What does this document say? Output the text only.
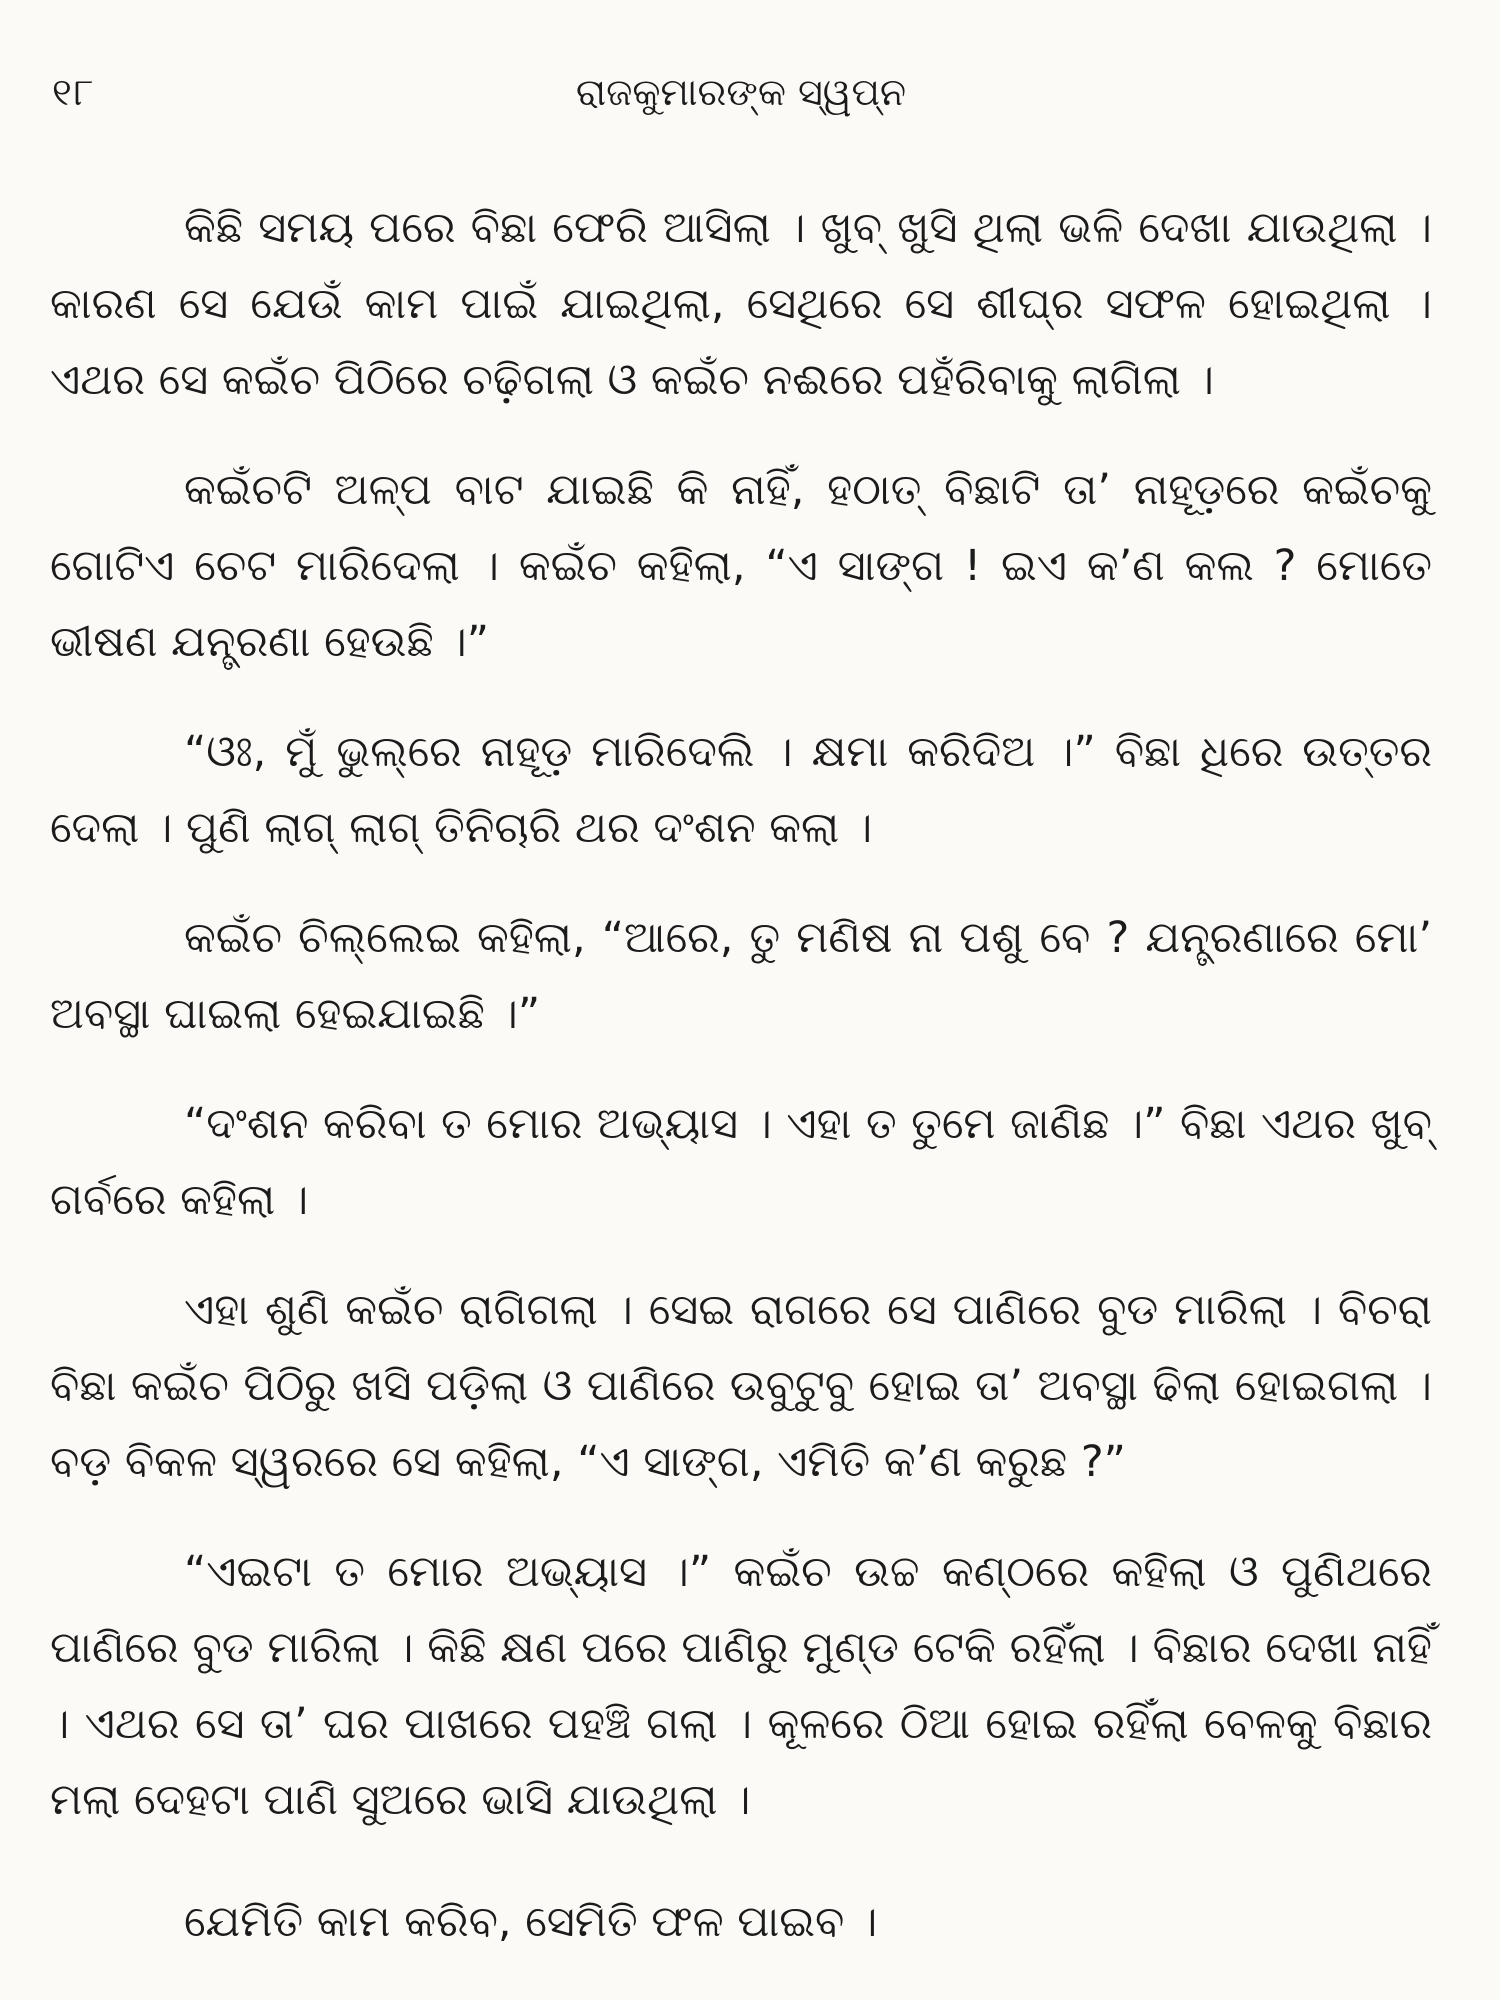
୧୮	ରାଜକୁମାରଙ୍କ ସ୍ୱପ୍ନ

କିଛି ସମୟ ପରେ ବିଛା ଫେରି ଆସିଲା । ଖୁବ୍ ଖୁସି ଥିଲା ଭଳି ଦେଖା ଯାଉଥିଲା । କାରଣ ସେ ଯେଉଁ କାମ ପାଇଁ ଯାଇଥିଲା, ସେଥିରେ ସେ ଶୀଘ୍ର ସଫଳ ହୋଇଥିଲା । ଏଥର ସେ କଇଁଚ ପିଠିରେ ଚଢ଼ିଗଲା ଓ କଇଁଚ ନଈରେ ପହଁରିବାକୁ ଲାଗିଲା ।

କଇଁଚଟି ଅଳ୍ପ ବାଟ ଯାଇଛି କି ନାହିଁ, ହଠାତ୍ ବିଛାଟି ତା’ ନାହୂଡ଼ରେ କଇଁଚକୁ ଗୋଟିଏ ଚେଟ ମାରିଦେଲା । କଇଁଚ କହିଲା, “ଏ ସାଙ୍ଗ ! ଇଏ କ’ଣ କଲ ? ମୋତେ ଭୀଷଣ ଯନ୍ତ୍ରଣା ହେଉଛି ।”

“ଓଃ, ମୁଁ ଭୁଲ୍‌ରେ ନାହୂଡ଼ ମାରିଦେଲି । କ୍ଷମା କରିଦିଅ ।” ବିଛା ଧିରେ ଉତ୍ତର ଦେଲା । ପୁଣି ଲାଗ୍ ଲାଗ୍ ତିନିଚାରି ଥର ଦଂଶନ କଲା ।

କଇଁଚ ଚିଲ୍ଲେଇ କହିଲା, “ଆରେ, ତୁ ମଣିଷ ନା ପଶୁ ବେ ? ଯନ୍ତ୍ରଣାରେ ମୋ’ ଅବସ୍ଥା ଘାଇଲା ହେଇଯାଇଛି ।”

“ଦଂଶନ କରିବା ତ ମୋର ଅଭ୍ୟାସ । ଏହା ତ ତୁମେ ଜାଣିଛ ।” ବିଛା ଏଥର ଖୁବ୍ ଗର୍ବରେ କହିଲା ।

ଏହା ଶୁଣି କଇଁଚ ରାଗିଗଲା । ସେଇ ରାଗରେ ସେ ପାଣିରେ ବୁଡ ମାରିଲା । ବିଚରା ବିଛା କଇଁଚ ପିଠିରୁ ଖସି ପଡ଼ିଲା ଓ ପାଣିରେ ଉବୁଟୁବୁ ହୋଇ ତା’ ଅବସ୍ଥା ଢିଲା ହୋଇଗଲା । ବଡ଼ ବିକଳ ସ୍ୱରରେ ସେ କହିଲା, “ଏ ସାଙ୍ଗ, ଏମିତି କ’ଣ କରୁଛ ?”

“ଏଇଟା ତ ମୋର ଅଭ୍ୟାସ ।” କଇଁଚ ଉଚ୍ଚ କଣ୍ଠରେ କହିଲା ଓ ପୁଣିଥରେ ପାଣିରେ ବୁଡ ମାରିଲା । କିଛି କ୍ଷଣ ପରେ ପାଣିରୁ ମୁଣ୍ଡ ଟେକି ରହିଁଲା । ବିଛାର ଦେଖା ନାହିଁ । ଏଥର ସେ ତା’ ଘର ପାଖରେ ପହଞ୍ଚି ଗଲା । କୂଳରେ ଠିଆ ହୋଇ ରହିଁଲା ବେଳକୁ ବିଛାର ମଲା ଦେହଟା ପାଣି ସୁଅରେ ଭାସି ଯାଉଥିଲା ।

ଯେମିତି କାମ କରିବ, ସେମିତି ଫଳ ପାଇବ ।
